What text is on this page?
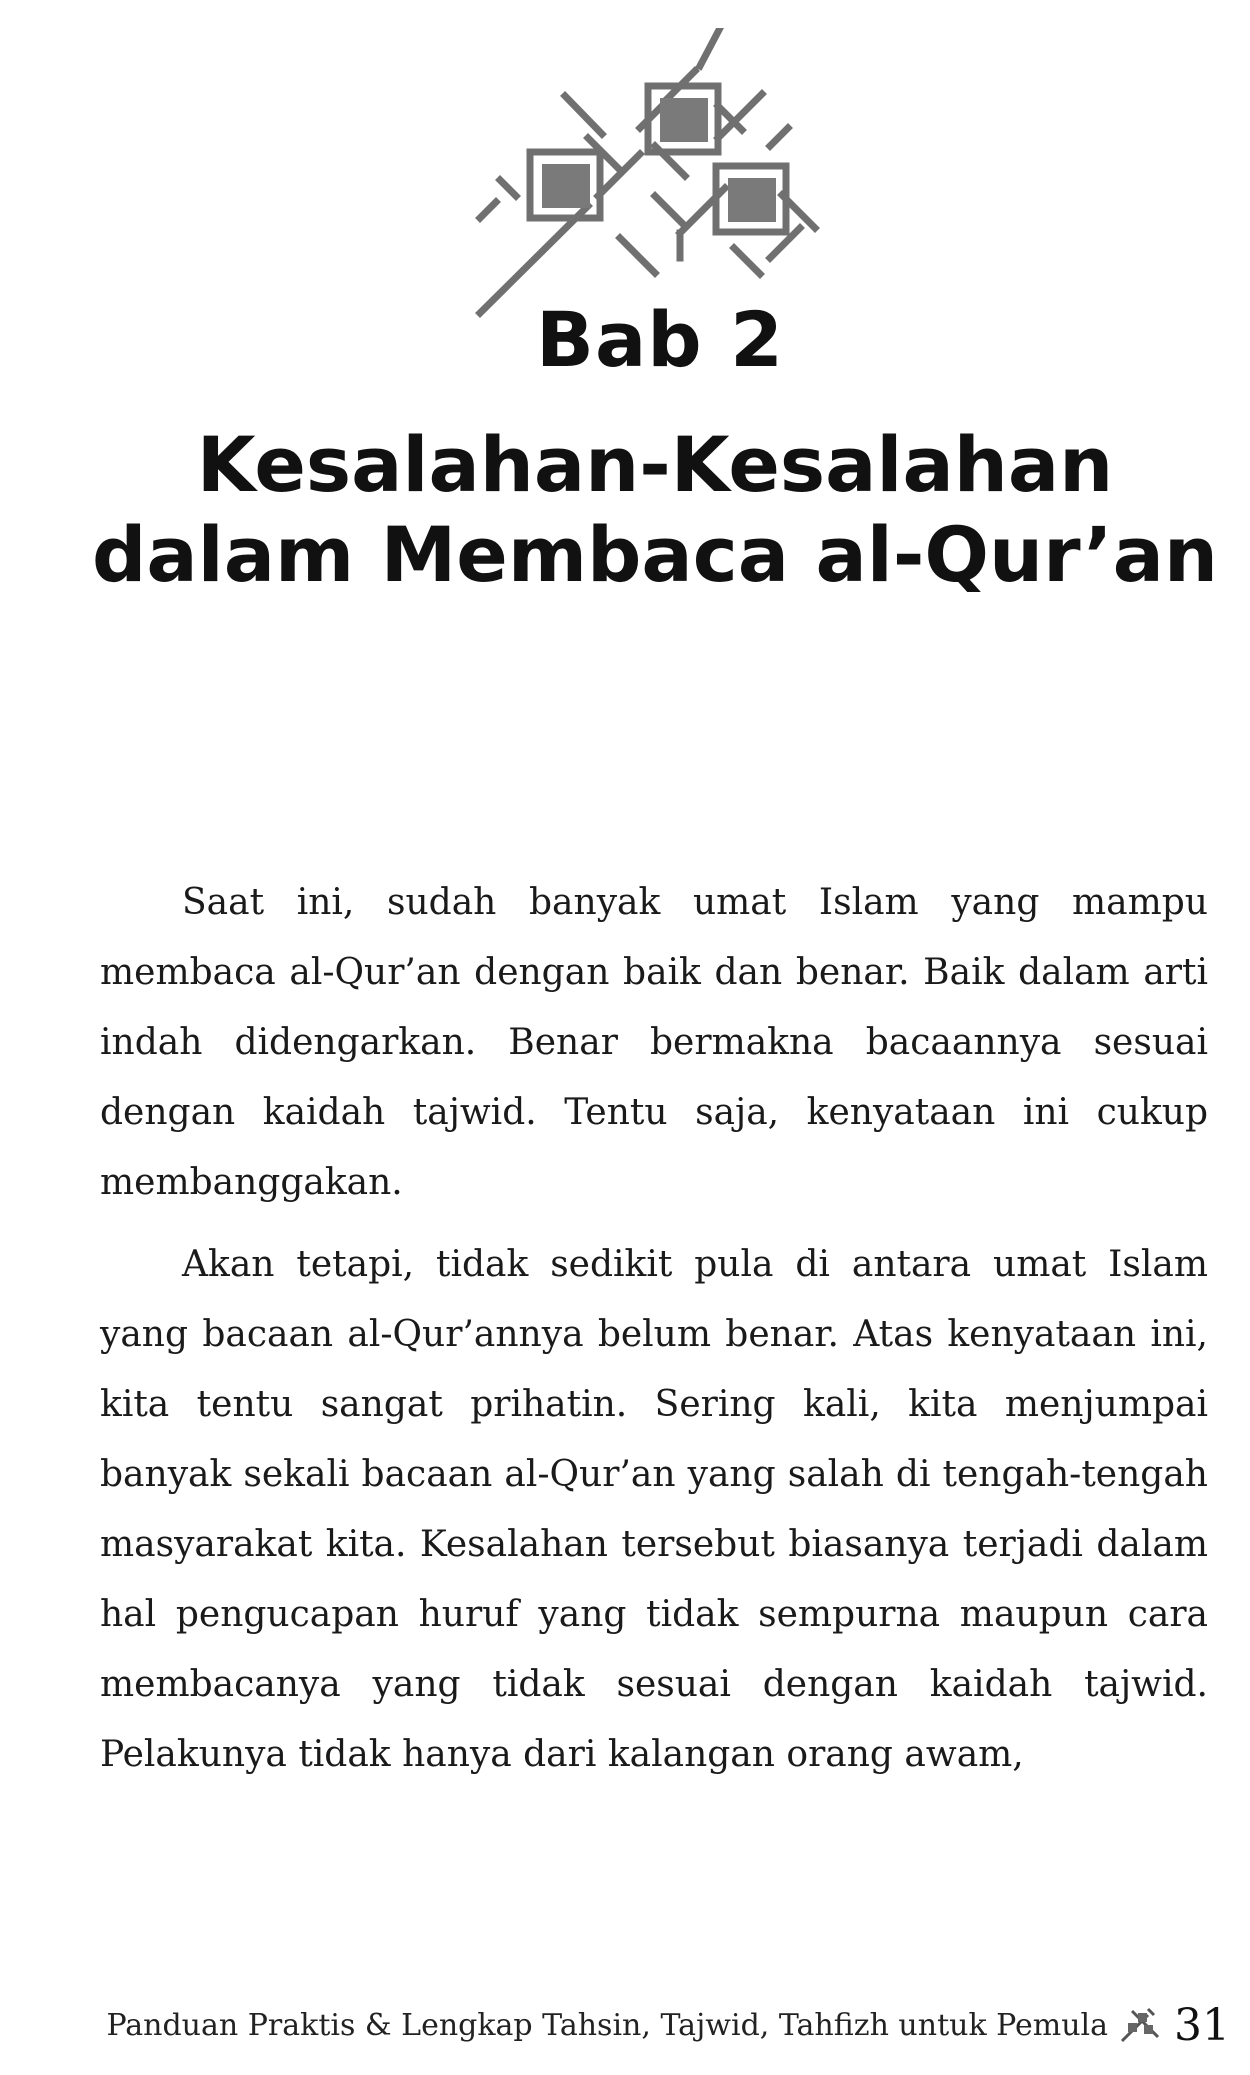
Bab 2
Kesalahan-Kesalahan
dalam Membaca al-Qur’an

Saat ini, sudah banyak umat Islam yang mampu membaca al-Qur’an dengan baik dan benar. Baik dalam arti indah didengarkan. Benar bermakna bacaannya sesuai dengan kaidah tajwid. Tentu saja, kenyataan ini cukup membanggakan.

Akan tetapi, tidak sedikit pula di antara umat Islam yang bacaan al-Qur’annya belum benar. Atas kenyataan ini, kita tentu sangat prihatin. Sering kali, kita menjumpai banyak sekali bacaan al-Qur’an yang salah di tengah-tengah masyarakat kita. Kesalahan tersebut biasanya terjadi dalam hal pengucapan huruf yang tidak sempurna maupun cara membacanya yang tidak sesuai dengan kaidah tajwid. Pelakunya tidak hanya dari kalangan orang awam,

Panduan Praktis & Lengkap Tahsin, Tajwid, Tahfizh untuk Pemula 31
